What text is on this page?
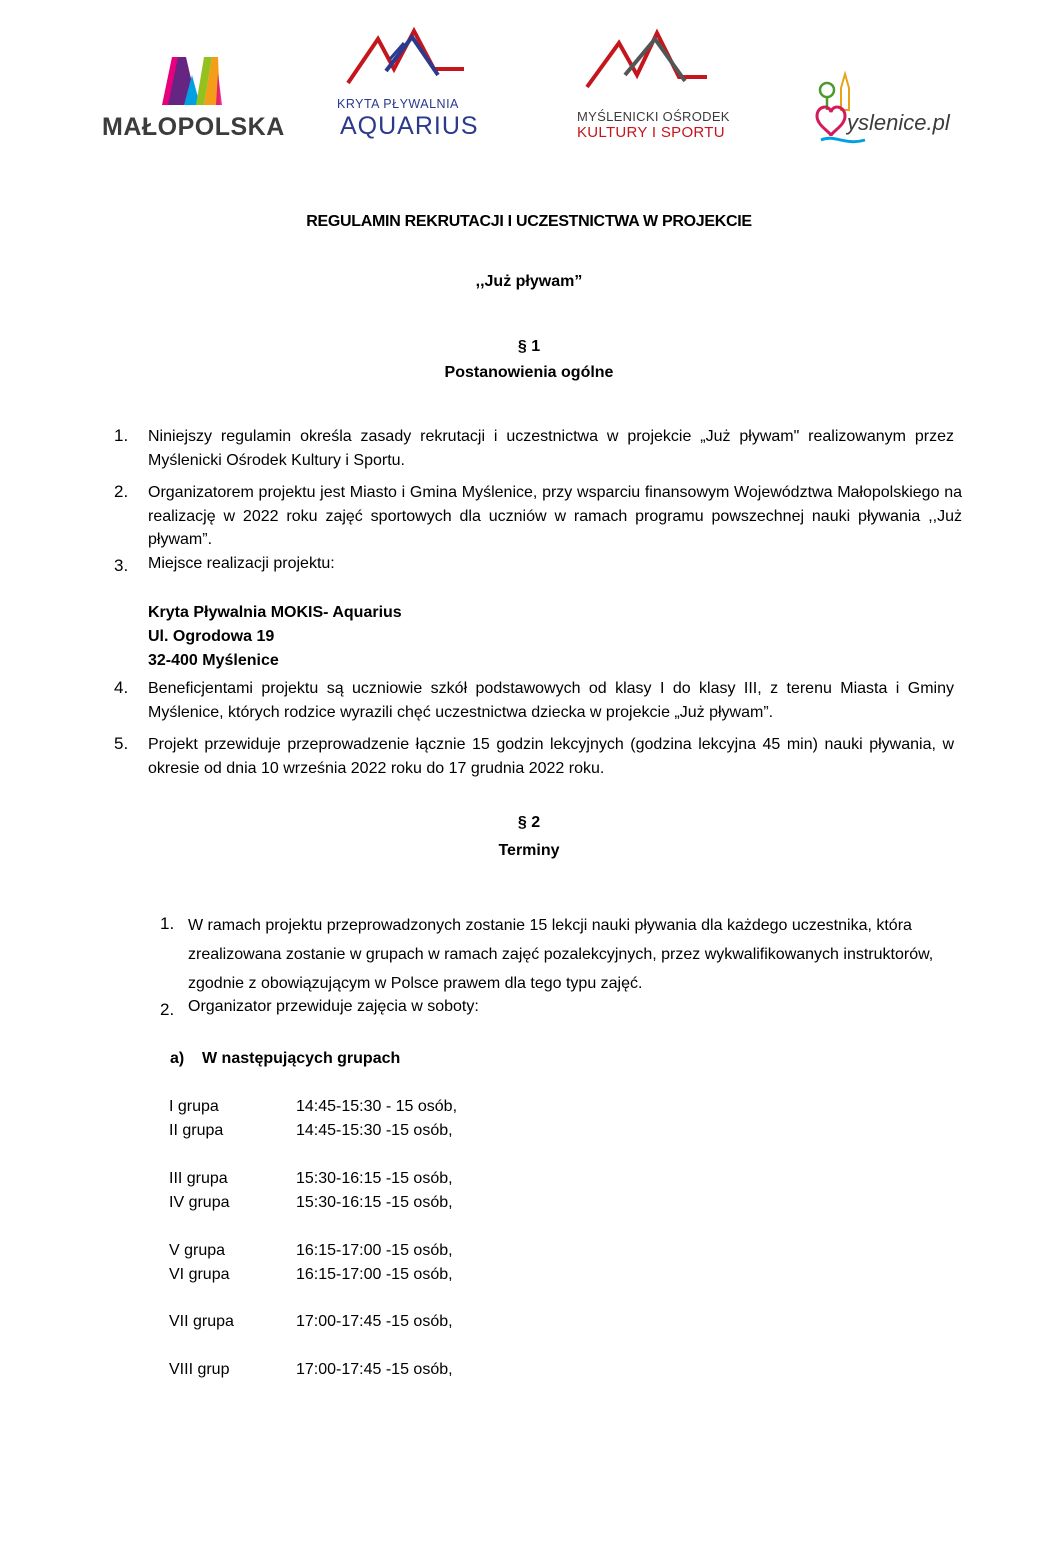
MAŁOPOLSKA
KRYTA PŁYWALNIA
AQUARIUS	MYŚLENICKI OŚRODEK
KULTURY I SPORTU	yslenice.pl
REGULAMIN REKRUTACJI I UCZESTNICTWA W PROJEKCIE
,,Już pływam”
§ 1
Postanowienia ogólne
1. Niniejszy regulamin określa zasady rekrutacji i uczestnictwa w projekcie „Już pływam" realizowanym przez Myślenicki Ośrodek Kultury i Sportu.
2. Organizatorem projektu jest Miasto i Gmina Myślenice, przy wsparciu finansowym Województwa Małopolskiego na realizację w 2022 roku zajęć sportowych dla uczniów w ramach programu powszechnej nauki pływania ,,Już pływam”.
3. Miejsce realizacji projektu:
Kryta Pływalnia MOKIS- Aquarius
Ul. Ogrodowa 19
32-400 Myślenice
4. Beneficjentami projektu są uczniowie szkół podstawowych od klasy I do klasy III, z terenu Miasta i Gminy Myślenice, których rodzice wyrazili chęć uczestnictwa dziecka w projekcie „Już pływam”.
5. Projekt przewiduje przeprowadzenie łącznie 15 godzin lekcyjnych (godzina lekcyjna 45 min) nauki pływania, w okresie od dnia 10 września 2022 roku do 17 grudnia 2022 roku.
§ 2
Terminy
1. W ramach projektu przeprowadzonych zostanie 15 lekcji nauki pływania dla każdego uczestnika, która zrealizowana zostanie w grupach w ramach zajęć pozalekcyjnych, przez wykwalifikowanych instruktorów, zgodnie z obowiązującym w Polsce prawem dla tego typu zajęć.
2. Organizator przewiduje zajęcia w soboty:
a)    W następujących grupach
I grupa	14:45-15:30 - 15 osób,
II grupa	14:45-15:30 -15 osób,
III grupa	15:30-16:15 -15 osób,
IV grupa	15:30-16:15 -15 osób,
V grupa	16:15-17:00 -15 osób,
VI grupa	16:15-17:00 -15 osób,
VII grupa	17:00-17:45 -15 osób,
VIII grup	17:00-17:45 -15 osób,
